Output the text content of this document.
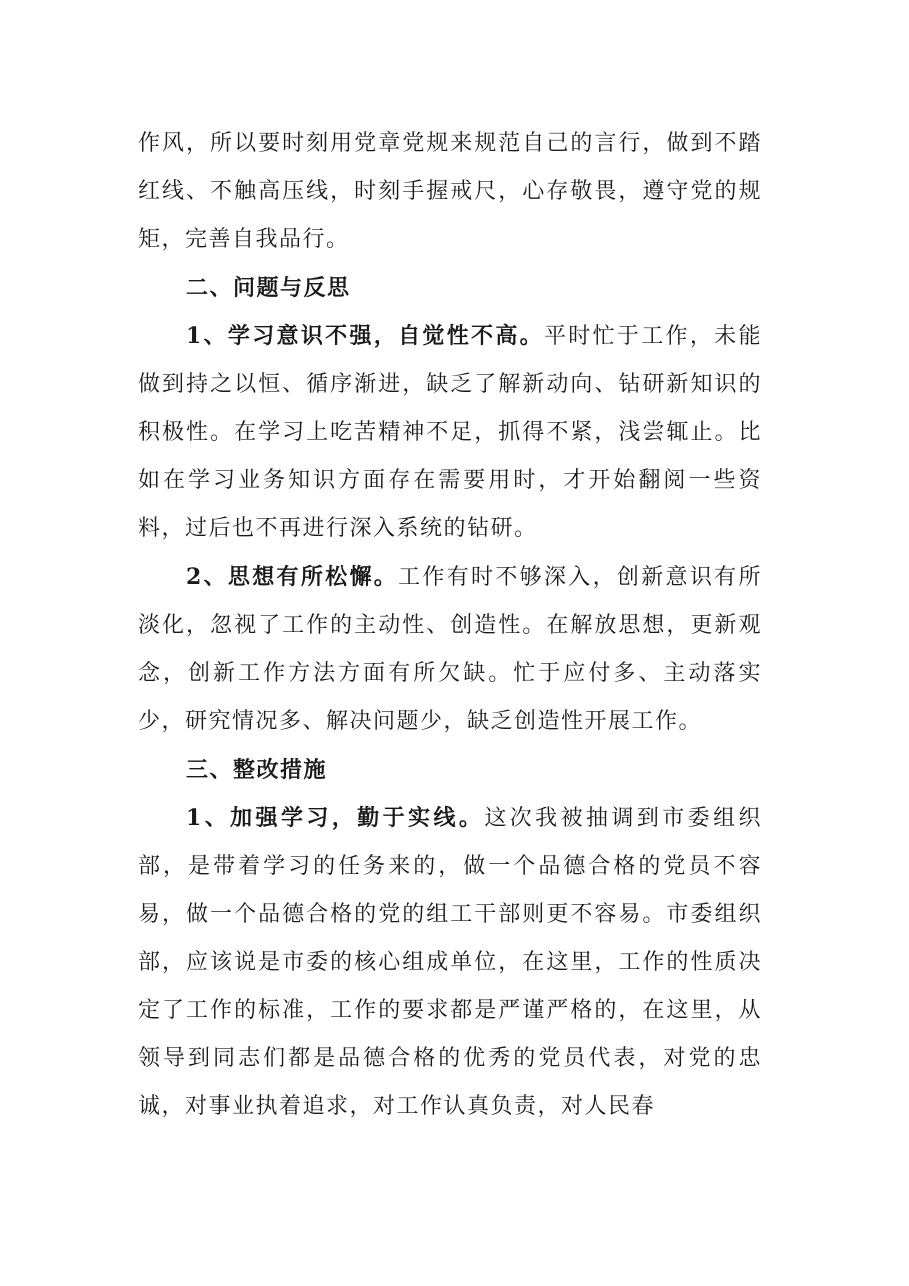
作风，所以要时刻用党章党规来规范自己的言行，做到不踏红线、不触高压线，时刻手握戒尺，心存敬畏，遵守党的规矩，完善自我品行。

二、问题与反思

1、学习意识不强，自觉性不高。平时忙于工作，未能做到持之以恒、循序渐进，缺乏了解新动向、钻研新知识的积极性。在学习上吃苦精神不足，抓得不紧，浅尝辄止。比如在学习业务知识方面存在需要用时，才开始翻阅一些资料，过后也不再进行深入系统的钻研。

2、思想有所松懈。工作有时不够深入，创新意识有所淡化，忽视了工作的主动性、创造性。在解放思想，更新观念，创新工作方法方面有所欠缺。忙于应付多、主动落实少，研究情况多、解决问题少，缺乏创造性开展工作。

三、整改措施

1、加强学习，勤于实线。这次我被抽调到市委组织部，是带着学习的任务来的，做一个品德合格的党员不容易，做一个品德合格的党的组工干部则更不容易。市委组织部，应该说是市委的核心组成单位，在这里，工作的性质决定了工作的标准，工作的要求都是严谨严格的，在这里，从领导到同志们都是品德合格的优秀的党员代表，对党的忠诚，对事业执着追求，对工作认真负责，对人民春
